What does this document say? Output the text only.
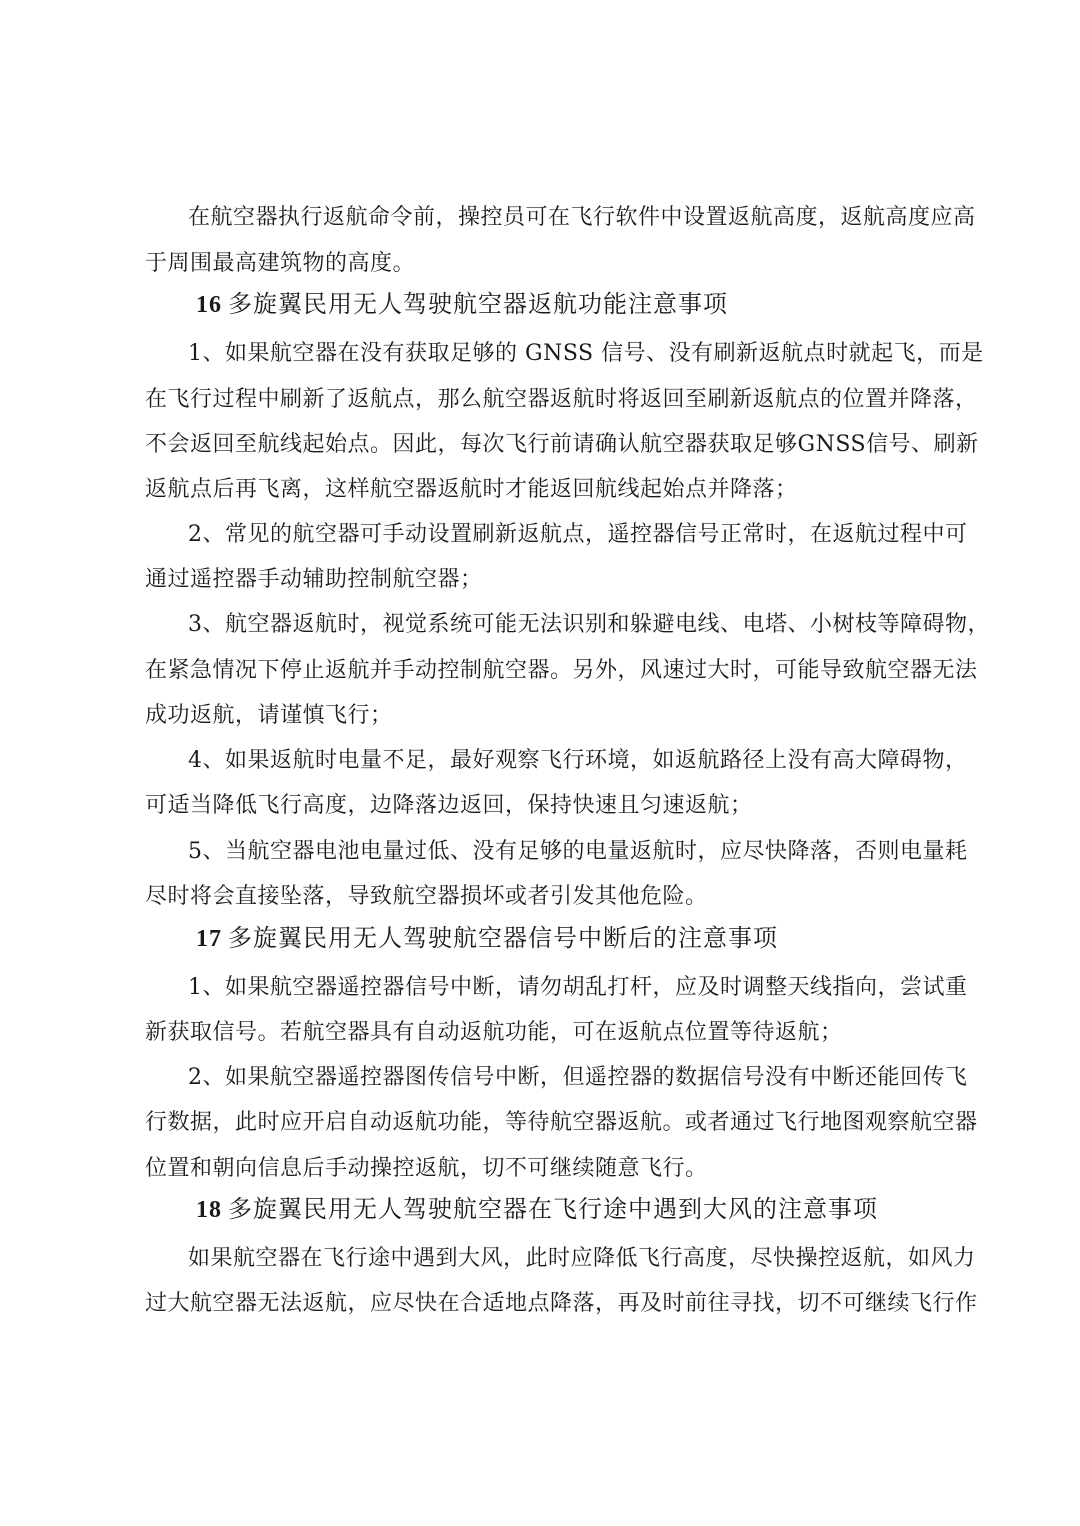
在航空器执行返航命令前，操控员可在飞行软件中设置返航高度，返航高度应高
于周围最高建筑物的高度。
16 多旋翼民用无人驾驶航空器返航功能注意事项
1、如果航空器在没有获取足够的 GNSS 信号、没有刷新返航点时就起飞，而是
在飞行过程中刷新了返航点，那么航空器返航时将返回至刷新返航点的位置并降落，
不会返回至航线起始点。因此，每次飞行前请确认航空器获取足够GNSS信号、刷新
返航点后再飞离，这样航空器返航时才能返回航线起始点并降落；
2、常见的航空器可手动设置刷新返航点，遥控器信号正常时，在返航过程中可
通过遥控器手动辅助控制航空器；
3、航空器返航时，视觉系统可能无法识别和躲避电线、电塔、小树枝等障碍物，
在紧急情况下停止返航并手动控制航空器。另外，风速过大时，可能导致航空器无法
成功返航，请谨慎飞行；
4、如果返航时电量不足，最好观察飞行环境，如返航路径上没有高大障碍物，
可适当降低飞行高度，边降落边返回，保持快速且匀速返航；
5、当航空器电池电量过低、没有足够的电量返航时，应尽快降落，否则电量耗
尽时将会直接坠落，导致航空器损坏或者引发其他危险。
17 多旋翼民用无人驾驶航空器信号中断后的注意事项
1、如果航空器遥控器信号中断，请勿胡乱打杆，应及时调整天线指向，尝试重
新获取信号。若航空器具有自动返航功能，可在返航点位置等待返航；
2、如果航空器遥控器图传信号中断，但遥控器的数据信号没有中断还能回传飞
行数据，此时应开启自动返航功能，等待航空器返航。或者通过飞行地图观察航空器
位置和朝向信息后手动操控返航，切不可继续随意飞行。
18 多旋翼民用无人驾驶航空器在飞行途中遇到大风的注意事项
如果航空器在飞行途中遇到大风，此时应降低飞行高度，尽快操控返航，如风力
过大航空器无法返航，应尽快在合适地点降落，再及时前往寻找，切不可继续飞行作
